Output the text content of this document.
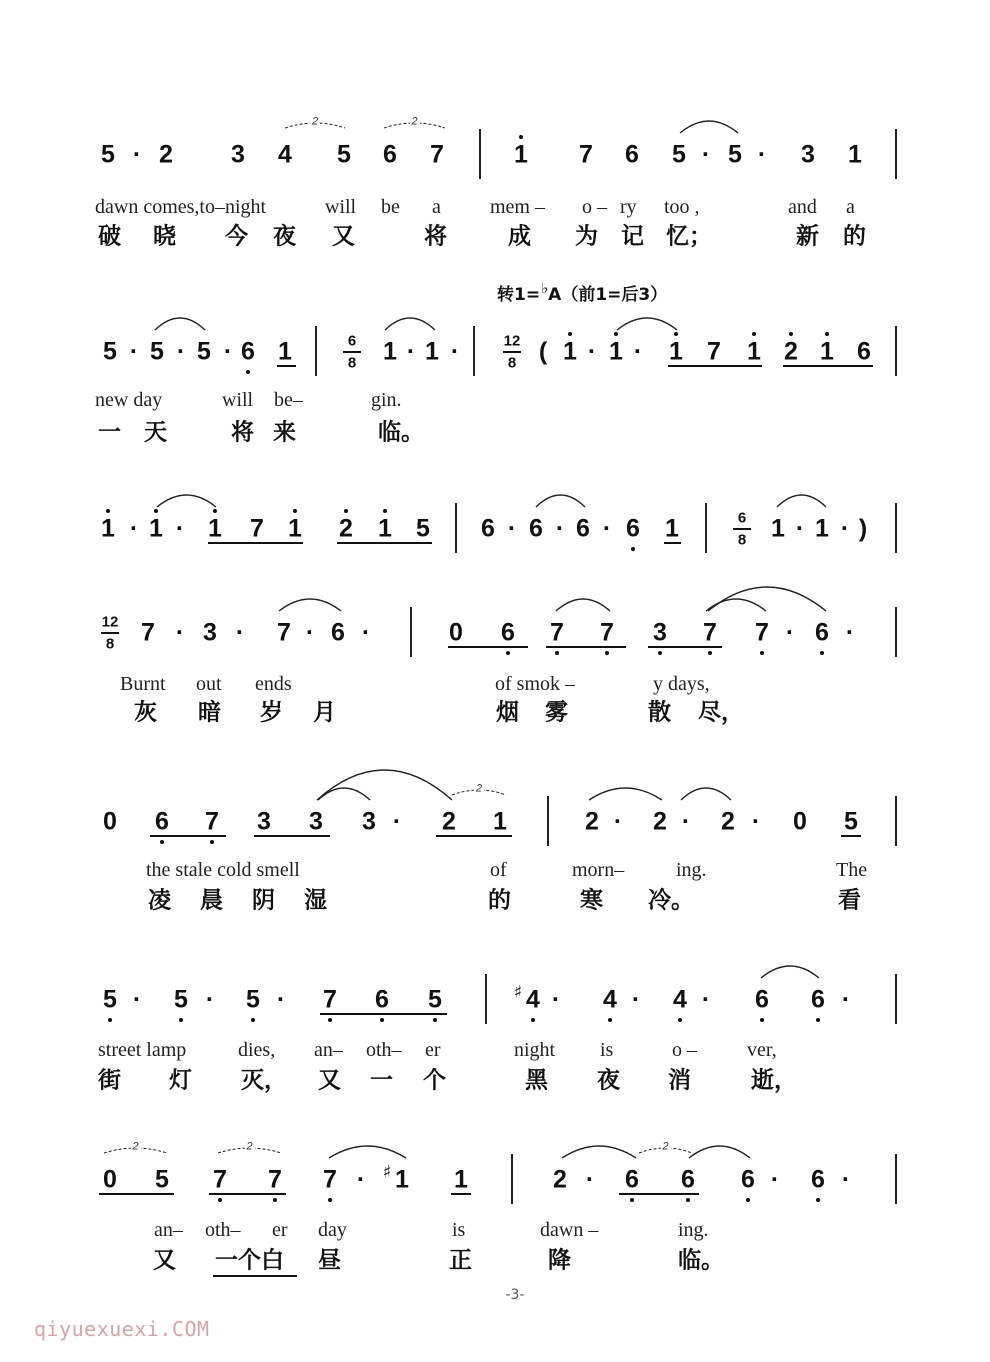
转1=♭A（前1=后3）
-3-
qiyuexuexi.COM
5 · 2 3 4 5 6 7	1 7 6 5 · 5 · 3 1
2	2
dawn comes,to–night	will be a mem – o – ry too ,	and a
破 晓 今 夜 又	将	成 为 记 忆；	新 的
5 · 5 · 5 · 6 1	6
8 1 · 1 ·	12
8 ( 1 · 1 · 1 7 1 2 1 6
new day	will be–	gin.
一 天	将 来	临。
1 · 1 · 1 7 1 2 1 5 6 · 6 · 6 · 6 1	6
8 1 · 1 · )
12
8 7 · 3 · 7 · 6 ·	0 6 7 7 3 7 7 · 6 ·
Burnt out ends	of smok –	y days,
灰 暗 岁 月	烟 雾	散 尽，
0 6 7 3 3 3 · 2 1	2 · 2 · 2 · 0 5
2
the stale cold smell	of	morn–	ing.	The
凌 晨 阴 湿	的	寒 冷。	看
5 · 5 · 5 · 7 6 5	4
♯ · 4 · 4 · 6 6 ·
street lamp	dies, an– oth– er	night is	o –	ver,
街 灯 灭， 又 一 个	黑 夜 消	逝，
0 5 7 7 7 · 1
♯	1	2 · 6 6 6 · 6 ·
2	2	2
an– oth– er day	is	dawn –	ing.
又 一个白 昼	正	降	临。
